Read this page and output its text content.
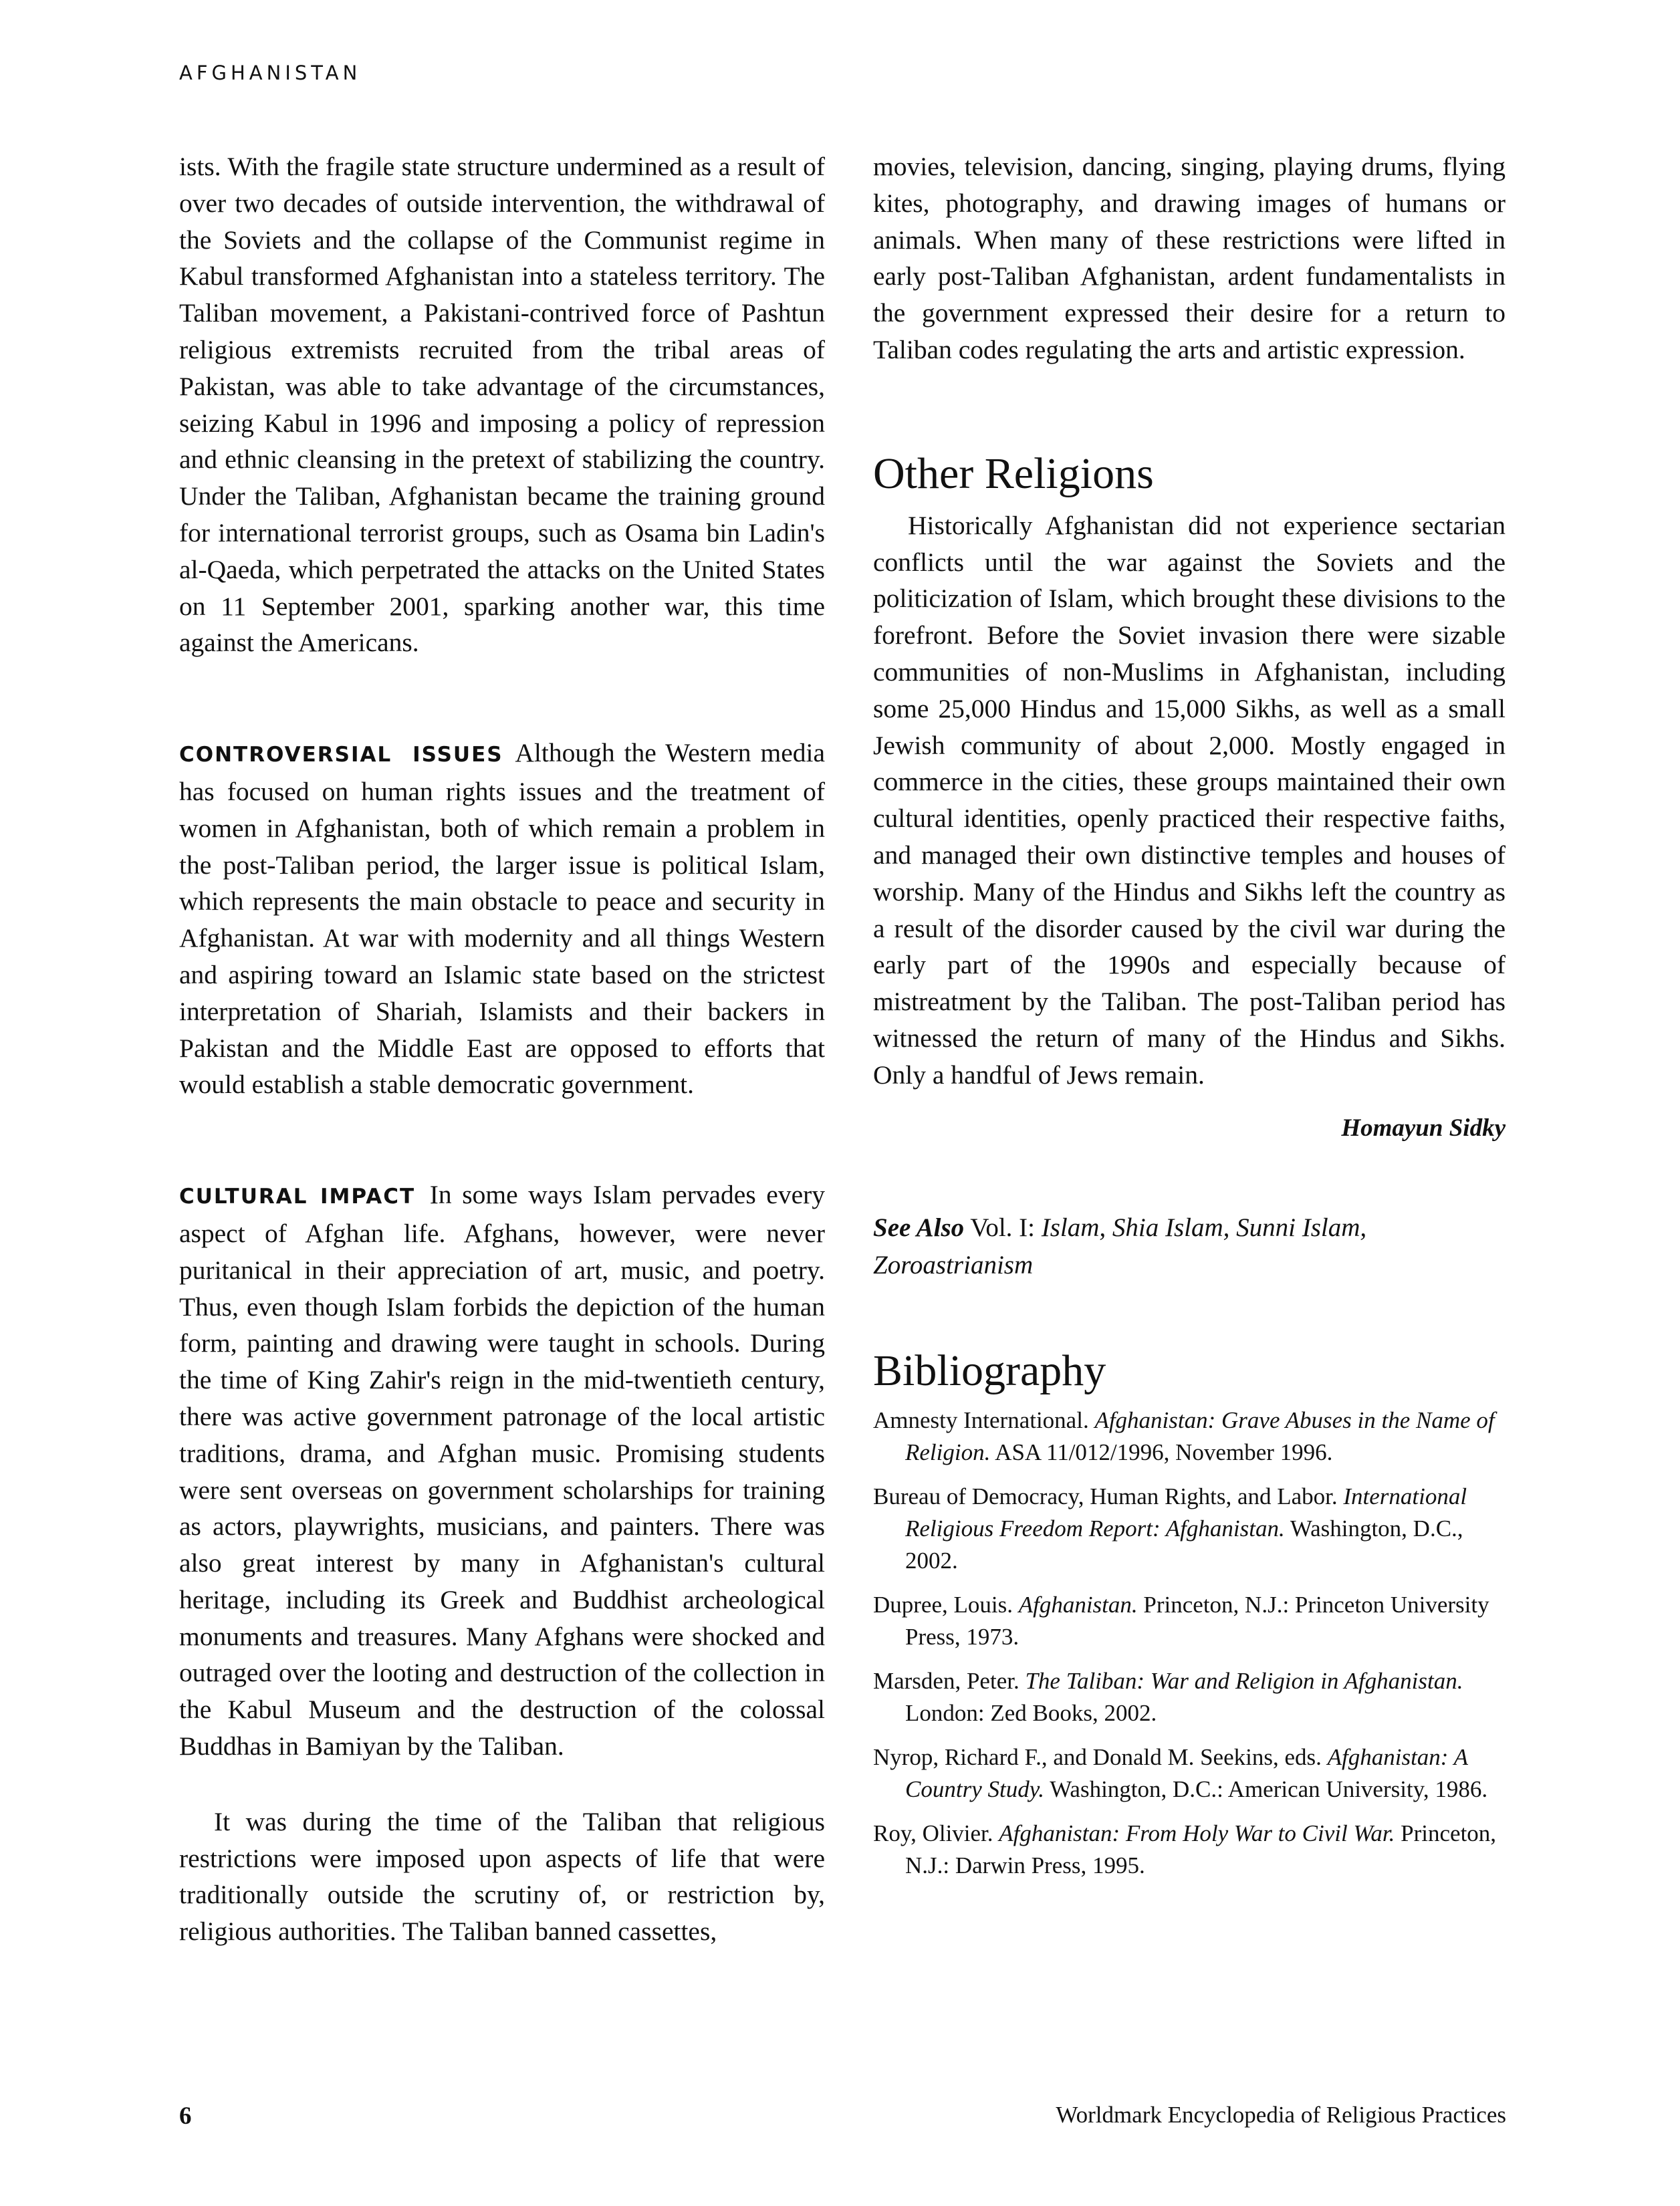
AFGHANISTAN

ists. With the fragile state structure undermined as a result of over two decades of outside intervention, the withdrawal of the Soviets and the collapse of the Communist regime in Kabul transformed Afghanistan into a stateless territory. The Taliban movement, a Pakistani-contrived force of Pashtun religious extremists recruited from the tribal areas of Pakistan, was able to take advantage of the circumstances, seizing Kabul in 1996 and imposing a policy of repression and ethnic cleansing in the pretext of stabilizing the country. Under the Taliban, Afghanistan became the training ground for international terrorist groups, such as Osama bin Ladin's al-Qaeda, which perpetrated the attacks on the United States on 11 September 2001, sparking another war, this time against the Americans.

CONTROVERSIAL ISSUES Although the Western media has focused on human rights issues and the treatment of women in Afghanistan, both of which remain a problem in the post-Taliban period, the larger issue is political Islam, which represents the main obstacle to peace and security in Afghanistan. At war with modernity and all things Western and aspiring toward an Islamic state based on the strictest interpretation of Shariah, Islamists and their backers in Pakistan and the Middle East are opposed to efforts that would establish a stable democratic government.

CULTURAL IMPACT In some ways Islam pervades every aspect of Afghan life. Afghans, however, were never puritanical in their appreciation of art, music, and poetry. Thus, even though Islam forbids the depiction of the human form, painting and drawing were taught in schools. During the time of King Zahir's reign in the mid-twentieth century, there was active government patronage of the local artistic traditions, drama, and Afghan music. Promising students were sent overseas on government scholarships for training as actors, playwrights, musicians, and painters. There was also great interest by many in Afghanistan's cultural heritage, including its Greek and Buddhist archeological monuments and treasures. Many Afghans were shocked and outraged over the looting and destruction of the collection in the Kabul Museum and the destruction of the colossal Buddhas in Bamiyan by the Taliban.

It was during the time of the Taliban that religious restrictions were imposed upon aspects of life that were traditionally outside the scrutiny of, or restriction by, religious authorities. The Taliban banned cassettes,

movies, television, dancing, singing, playing drums, flying kites, photography, and drawing images of humans or animals. When many of these restrictions were lifted in early post-Taliban Afghanistan, ardent fundamentalists in the government expressed their desire for a return to Taliban codes regulating the arts and artistic expression.

Other Religions

Historically Afghanistan did not experience sectarian conflicts until the war against the Soviets and the politicization of Islam, which brought these divisions to the forefront. Before the Soviet invasion there were sizable communities of non-Muslims in Afghanistan, including some 25,000 Hindus and 15,000 Sikhs, as well as a small Jewish community of about 2,000. Mostly engaged in commerce in the cities, these groups maintained their own cultural identities, openly practiced their respective faiths, and managed their own distinctive temples and houses of worship. Many of the Hindus and Sikhs left the country as a result of the disorder caused by the civil war during the early part of the 1990s and especially because of mistreatment by the Taliban. The post-Taliban period has witnessed the return of many of the Hindus and Sikhs. Only a handful of Jews remain.

Homayun Sidky
See Also Vol. I: Islam, Shia Islam, Sunni Islam, Zoroastrianism
Bibliography

Amnesty International. Afghanistan: Grave Abuses in the Name of Religion. ASA 11/012/1996, November 1996.

Bureau of Democracy, Human Rights, and Labor. International Religious Freedom Report: Afghanistan. Washington, D.C., 2002.

Dupree, Louis. Afghanistan. Princeton, N.J.: Princeton University Press, 1973.

Marsden, Peter. The Taliban: War and Religion in Afghanistan. London: Zed Books, 2002.

Nyrop, Richard F., and Donald M. Seekins, eds. Afghanistan: A Country Study. Washington, D.C.: American University, 1986.

Roy, Olivier. Afghanistan: From Holy War to Civil War. Princeton, N.J.: Darwin Press, 1995.

6	Worldmark Encyclopedia of Religious Practices
